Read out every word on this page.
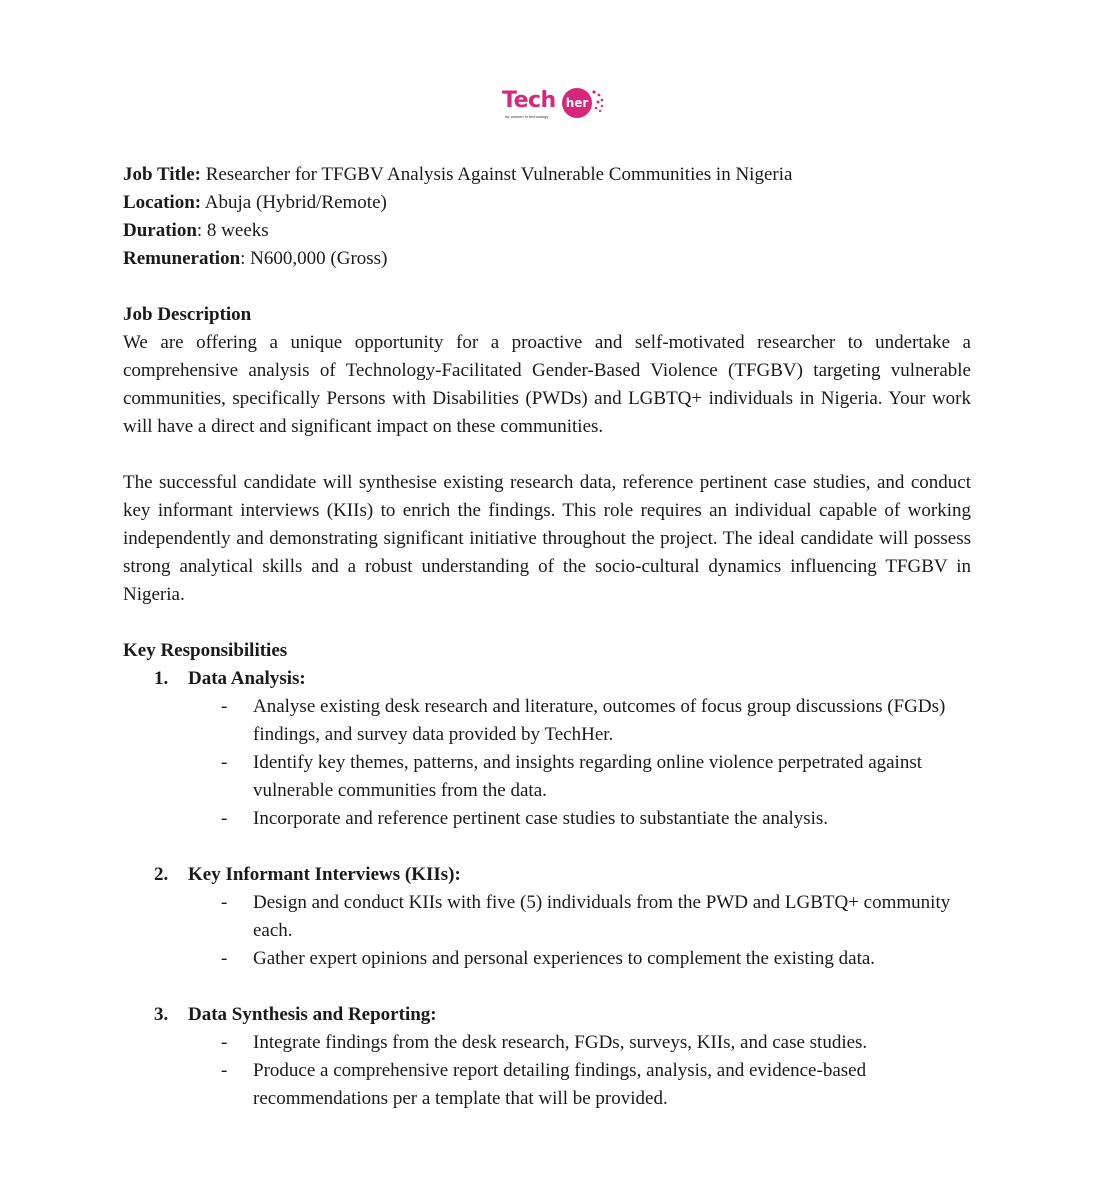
Tech her
for women in technology

Job Title: Researcher for TFGBV Analysis Against Vulnerable Communities in Nigeria

Location: Abuja (Hybrid/Remote)

Duration: 8 weeks

Remuneration: N600,000 (Gross)

Job Description

We are offering a unique opportunity for a proactive and self-motivated researcher to undertake a comprehensive analysis of Technology-Facilitated Gender-Based Violence (TFGBV) targeting vulnerable communities, specifically Persons with Disabilities (PWDs) and LGBTQ+ individuals in Nigeria. Your work will have a direct and significant impact on these communities.

The successful candidate will synthesise existing research data, reference pertinent case studies, and conduct key informant interviews (KIIs) to enrich the findings. This role requires an individual capable of working independently and demonstrating significant initiative throughout the project. The ideal candidate will possess strong analytical skills and a robust understanding of the socio-cultural dynamics influencing TFGBV in Nigeria.

Key Responsibilities

1. Data Analysis:
- Analyse existing desk research and literature, outcomes of focus group discussions (FGDs) findings, and survey data provided by TechHer.
- Identify key themes, patterns, and insights regarding online violence perpetrated against vulnerable communities from the data.
- Incorporate and reference pertinent case studies to substantiate the analysis.
2. Key Informant Interviews (KIIs):
- Design and conduct KIIs with five (5) individuals from the PWD and LGBTQ+ community each.
- Gather expert opinions and personal experiences to complement the existing data.
3. Data Synthesis and Reporting:
- Integrate findings from the desk research, FGDs, surveys, KIIs, and case studies.
- Produce a comprehensive report detailing findings, analysis, and evidence-based recommendations per a template that will be provided.
